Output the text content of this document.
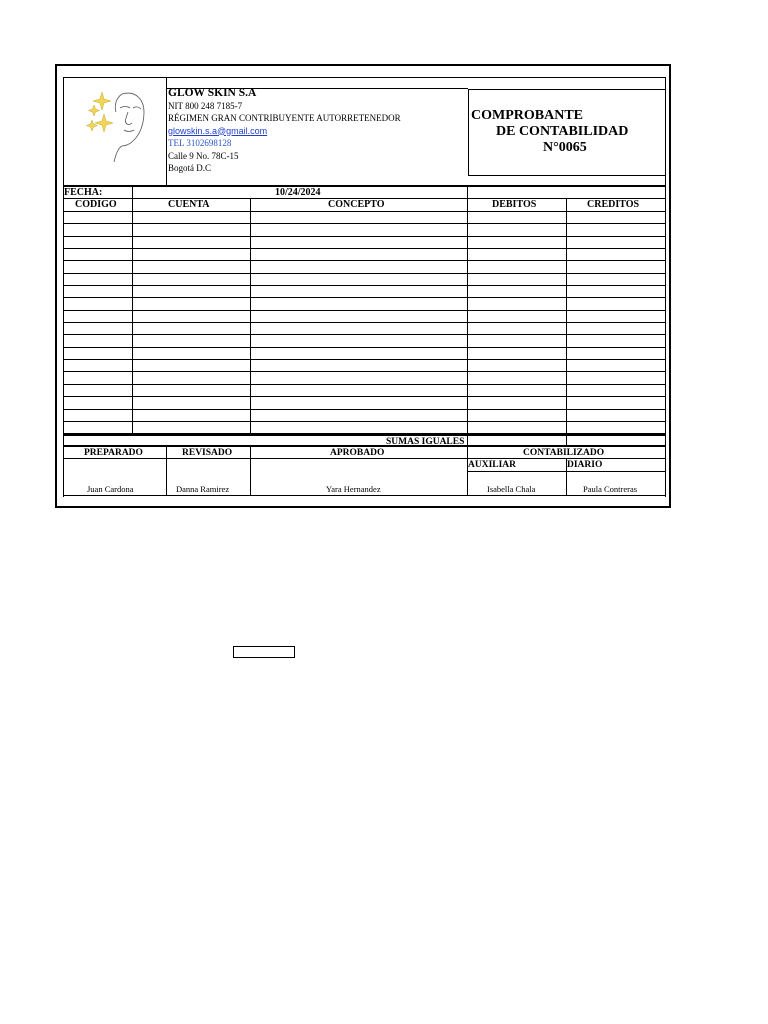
GLOW SKIN S.A
NIT 800 248 7185-7
RÉGIMEN GRAN CONTRIBUYENTE AUTORRETENEDOR
glowskin.s.a@gmail.com
TEL 3102698128
Calle 9 No. 78C-15
Bogotá D.C
COMPROBANTE
DE CONTABILIDAD
N°0065
FECHA:	10/24/2024
CODIGO	CUENTA	CONCEPTO	DEBITOS	CREDITOS
SUMAS IGUALES
PREPARADO	REVISADO	APROBADO	CONTABILIZADO
AUXILIAR	DIARIO
Juan Cardona	Danna Ramirez	Yara Hernandez	Isabella Chala	Paula Contreras
